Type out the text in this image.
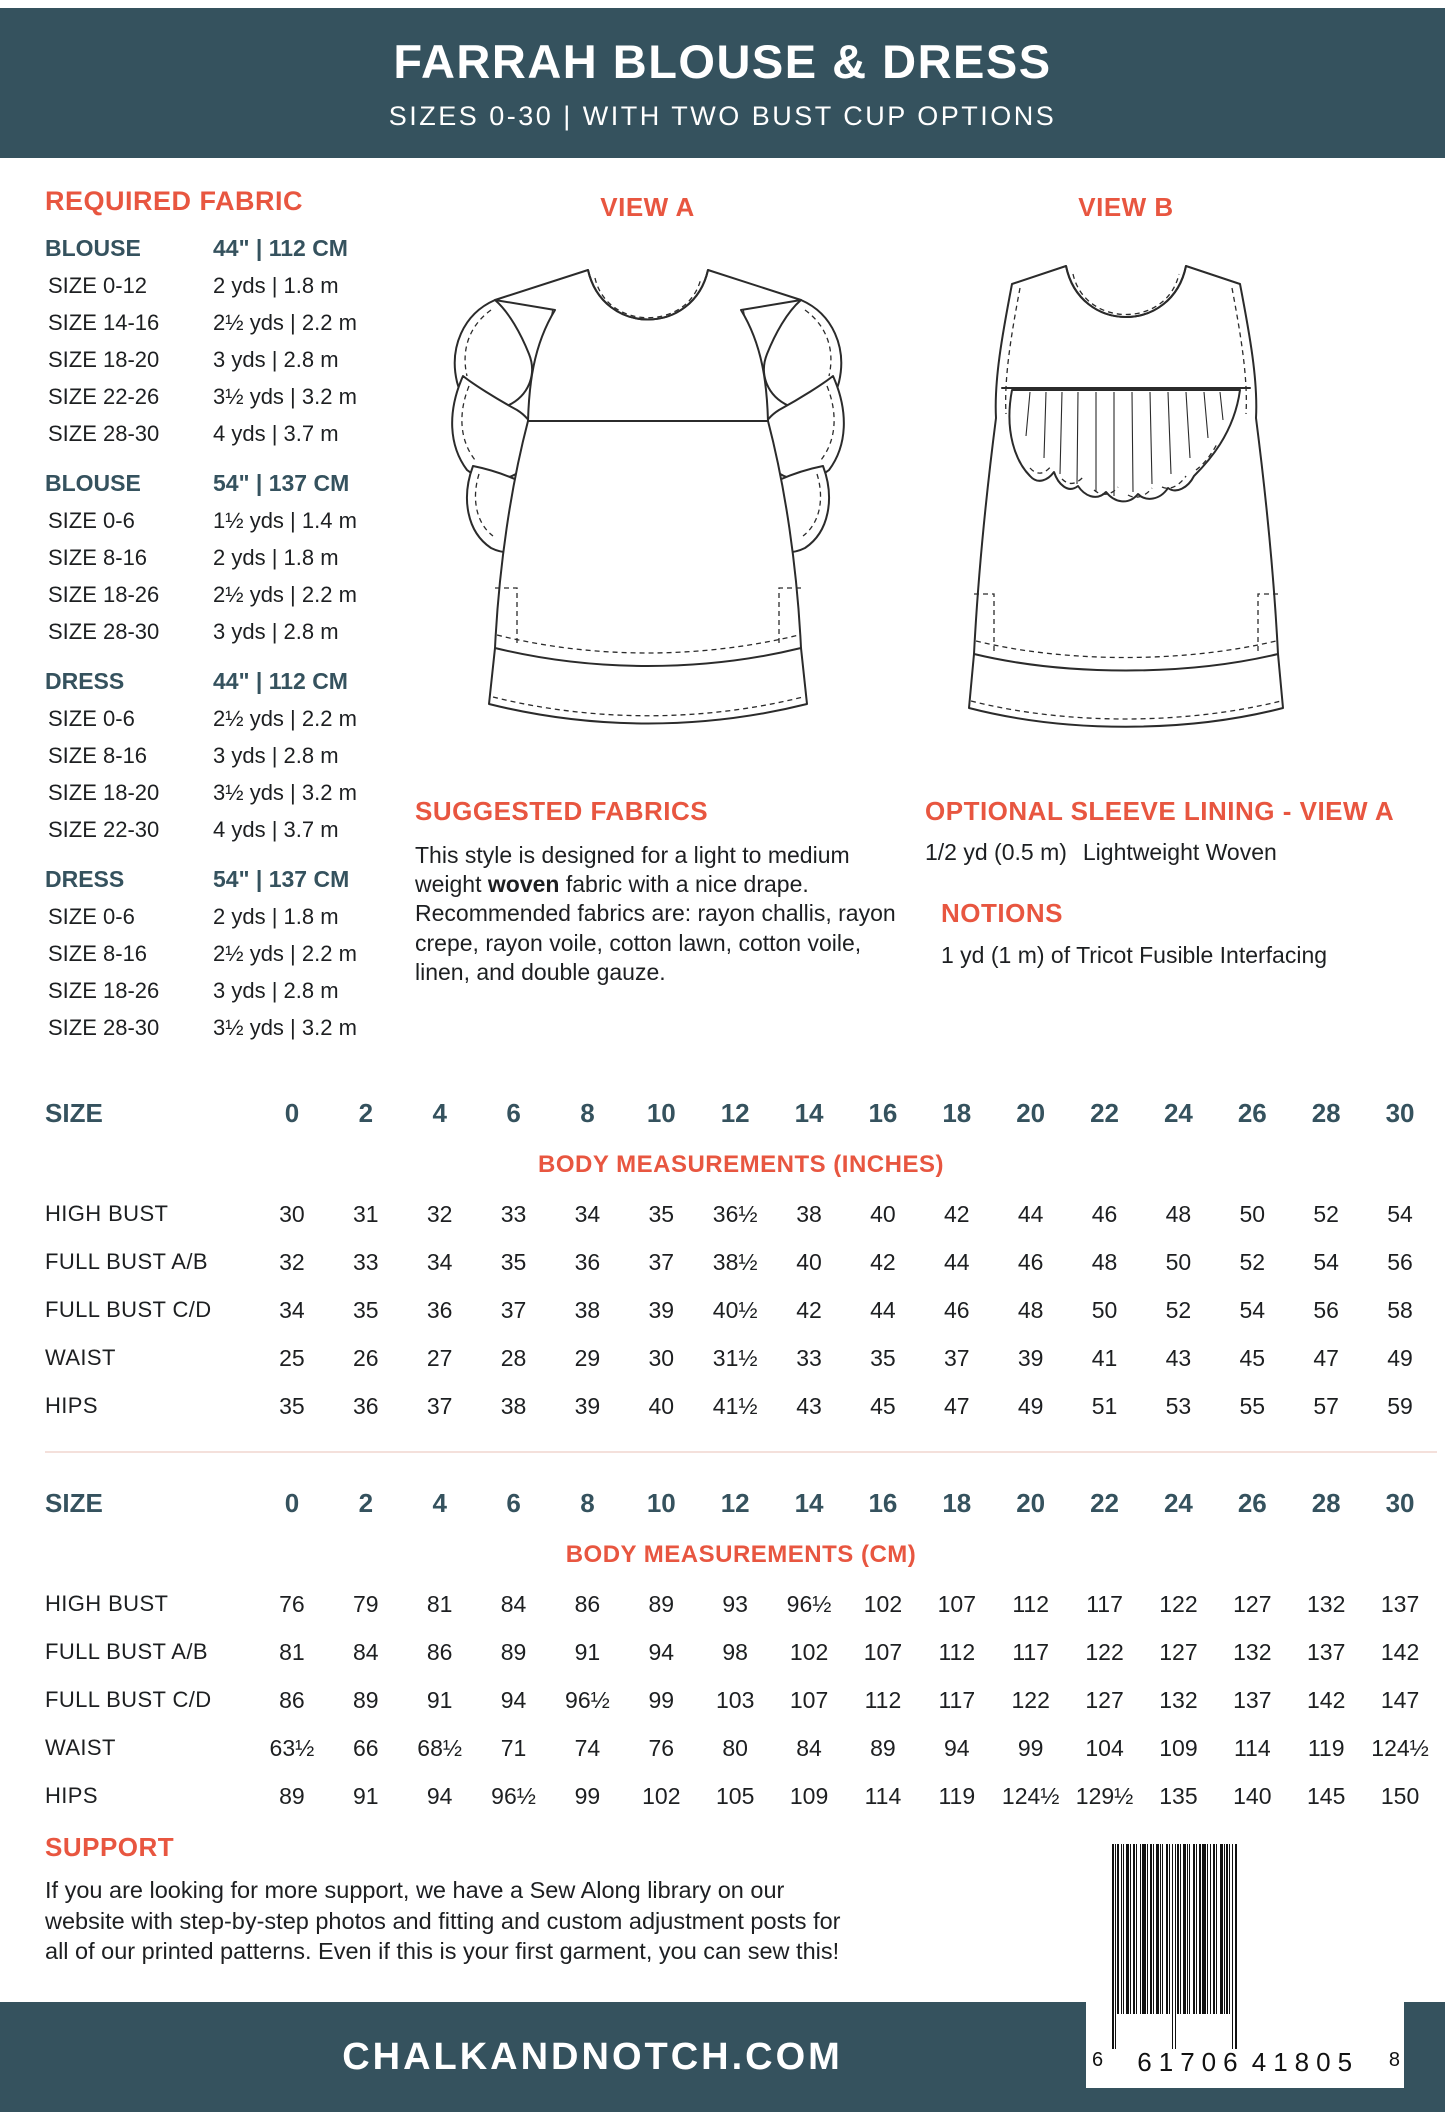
FARRAH BLOUSE & DRESS
SIZES 0-30 | WITH TWO BUST CUP OPTIONS
REQUIRED FABRIC
BLOUSE	44" | 112 CM
SIZE 0-12	2 yds | 1.8 m
SIZE 14-16	2½ yds | 2.2 m
SIZE 18-20	3 yds | 2.8 m
SIZE 22-26	3½ yds | 3.2 m
SIZE 28-30	4 yds | 3.7 m
BLOUSE	54" | 137 CM
SIZE 0-6	1½ yds | 1.4 m
SIZE 8-16	2 yds | 1.8 m
SIZE 18-26	2½ yds | 2.2 m
SIZE 28-30	3 yds | 2.8 m
DRESS	44" | 112 CM
SIZE 0-6	2½ yds | 2.2 m
SIZE 8-16	3 yds | 2.8 m
SIZE 18-20	3½ yds | 3.2 m
SIZE 22-30	4 yds | 3.7 m
DRESS	54" | 137 CM
SIZE 0-6	2 yds | 1.8 m
SIZE 8-16	2½ yds | 2.2 m
SIZE 18-26	3 yds | 2.8 m
SIZE 28-30	3½ yds | 3.2 m
VIEW A	VIEW B
SUGGESTED FABRICS

This style is designed for a light to medium weight woven fabric with a nice drape. Recommended fabrics are: rayon challis, rayon crepe, rayon voile, cotton lawn, cotton voile, linen, and double gauze.

OPTIONAL SLEEVE LINING - VIEW A

1/2 yd (0.5 m) Lightweight Woven

NOTIONS

1 yd (1 m) of Tricot Fusible Interfacing

SIZE	0	2	4	6	8	10	12	14	16	18	20	22	24	26	28	30
BODY MEASUREMENTS (INCHES)
HIGH BUST	30	31	32	33	34	35	36½	38	40	42	44	46	48	50	52	54
FULL BUST A/B	32	33	34	35	36	37	38½	40	42	44	46	48	50	52	54	56
FULL BUST C/D	34	35	36	37	38	39	40½	42	44	46	48	50	52	54	56	58
WAIST	25	26	27	28	29	30	31½	33	35	37	39	41	43	45	47	49
HIPS	35	36	37	38	39	40	41½	43	45	47	49	51	53	55	57	59
SIZE	0	2	4	6	8	10	12	14	16	18	20	22	24	26	28	30
BODY MEASUREMENTS (CM)
HIGH BUST	76	79	81	84	86	89	93	96½	102	107	112	117	122	127	132	137
FULL BUST A/B	81	84	86	89	91	94	98	102	107	112	117	122	127	132	137	142
FULL BUST C/D	86	89	91	94	96½	99	103	107	112	117	122	127	132	137	142	147
WAIST	63½	66	68½	71	74	76	80	84	89	94	99	104	109	114	119	124½
HIPS	89	91	94	96½	99	102	105	109	114	119	124½ 129½	135	140	145	150
SUPPORT

If you are looking for more support, we have a Sew Along library on our website with step-by-step photos and fitting and custom adjustment posts for all of our printed patterns. Even if this is your first garment, you can sew this!

CHALKANDNOTCH.COM	6 61706 41805 8
